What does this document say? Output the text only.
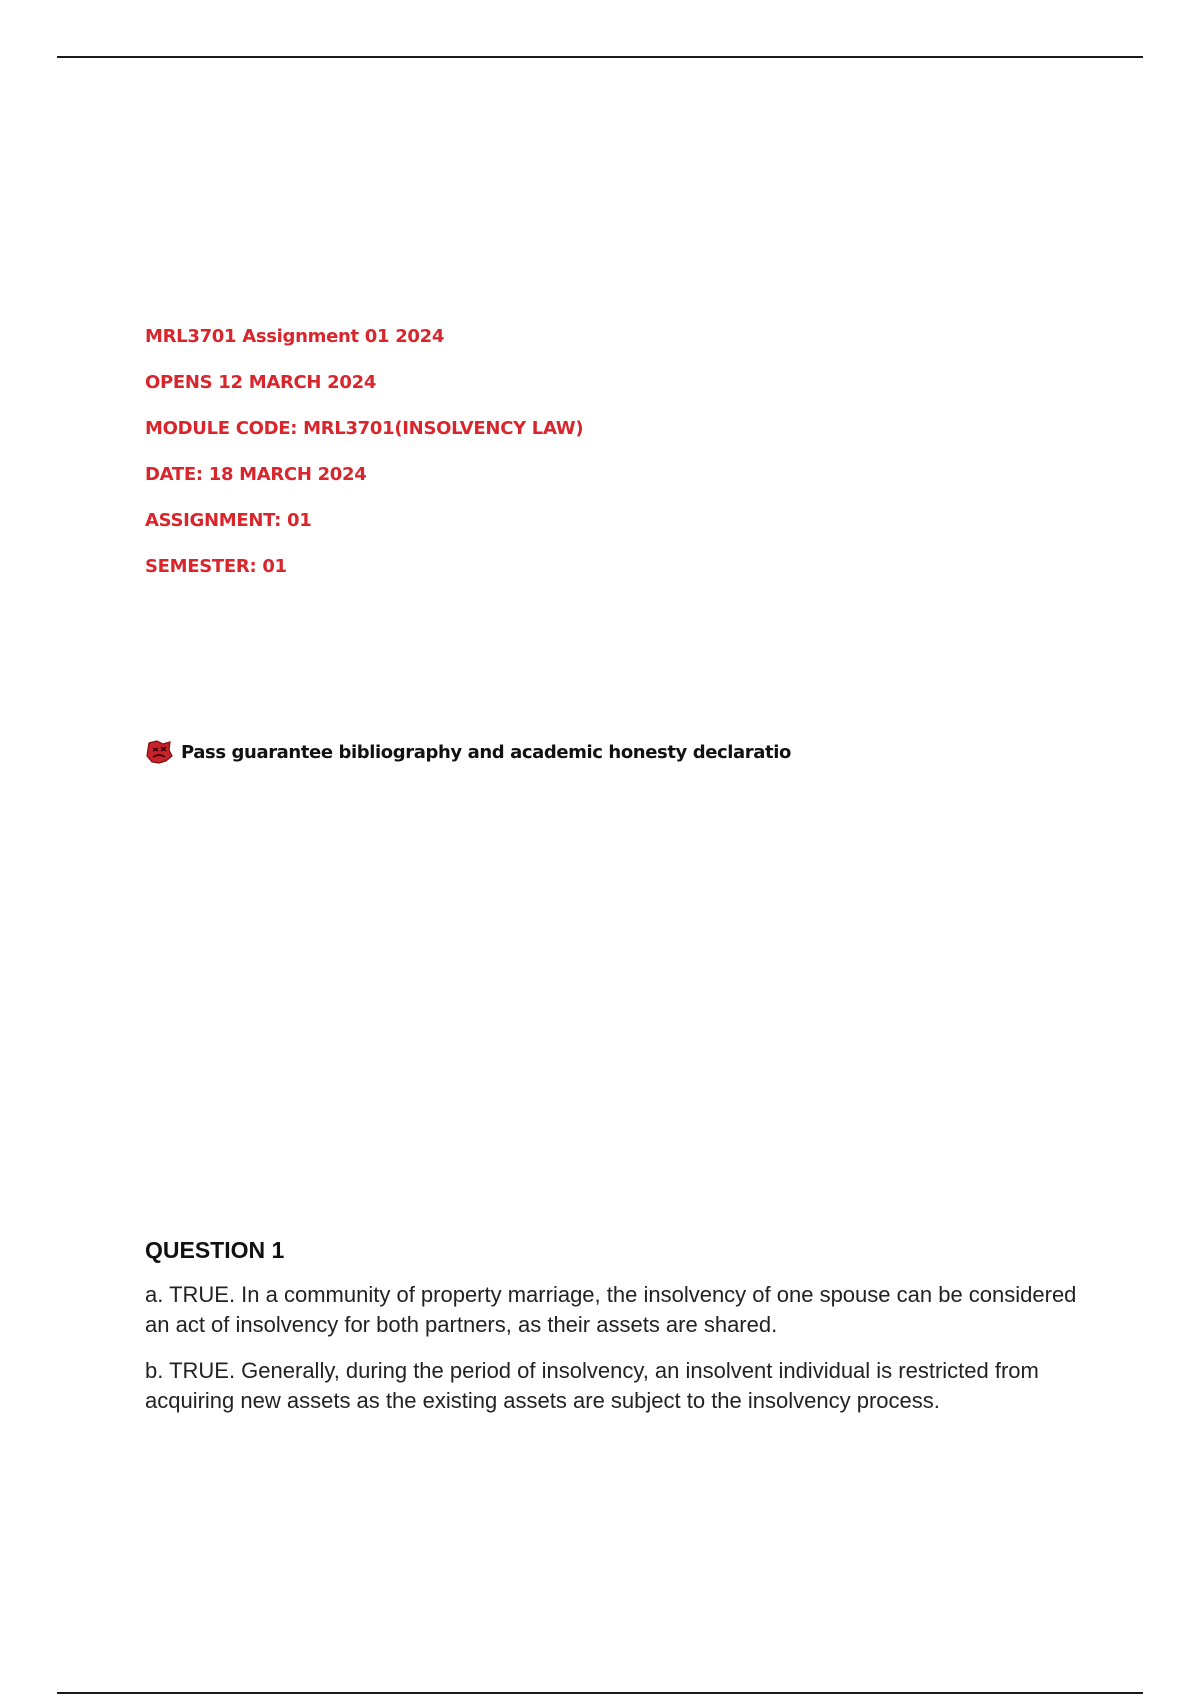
MRL3701 Assignment 01 2024
OPENS 12 MARCH 2024
MODULE CODE: MRL3701(INSOLVENCY LAW)
DATE: 18 MARCH 2024
ASSIGNMENT: 01
SEMESTER: 01
Pass guarantee bibliography and academic honesty declaratio
QUESTION 1

a. TRUE. In a community of property marriage, the insolvency of one spouse can be considered an act of insolvency for both partners, as their assets are shared.

b. TRUE. Generally, during the period of insolvency, an insolvent individual is restricted from acquiring new assets as the existing assets are subject to the insolvency process.
